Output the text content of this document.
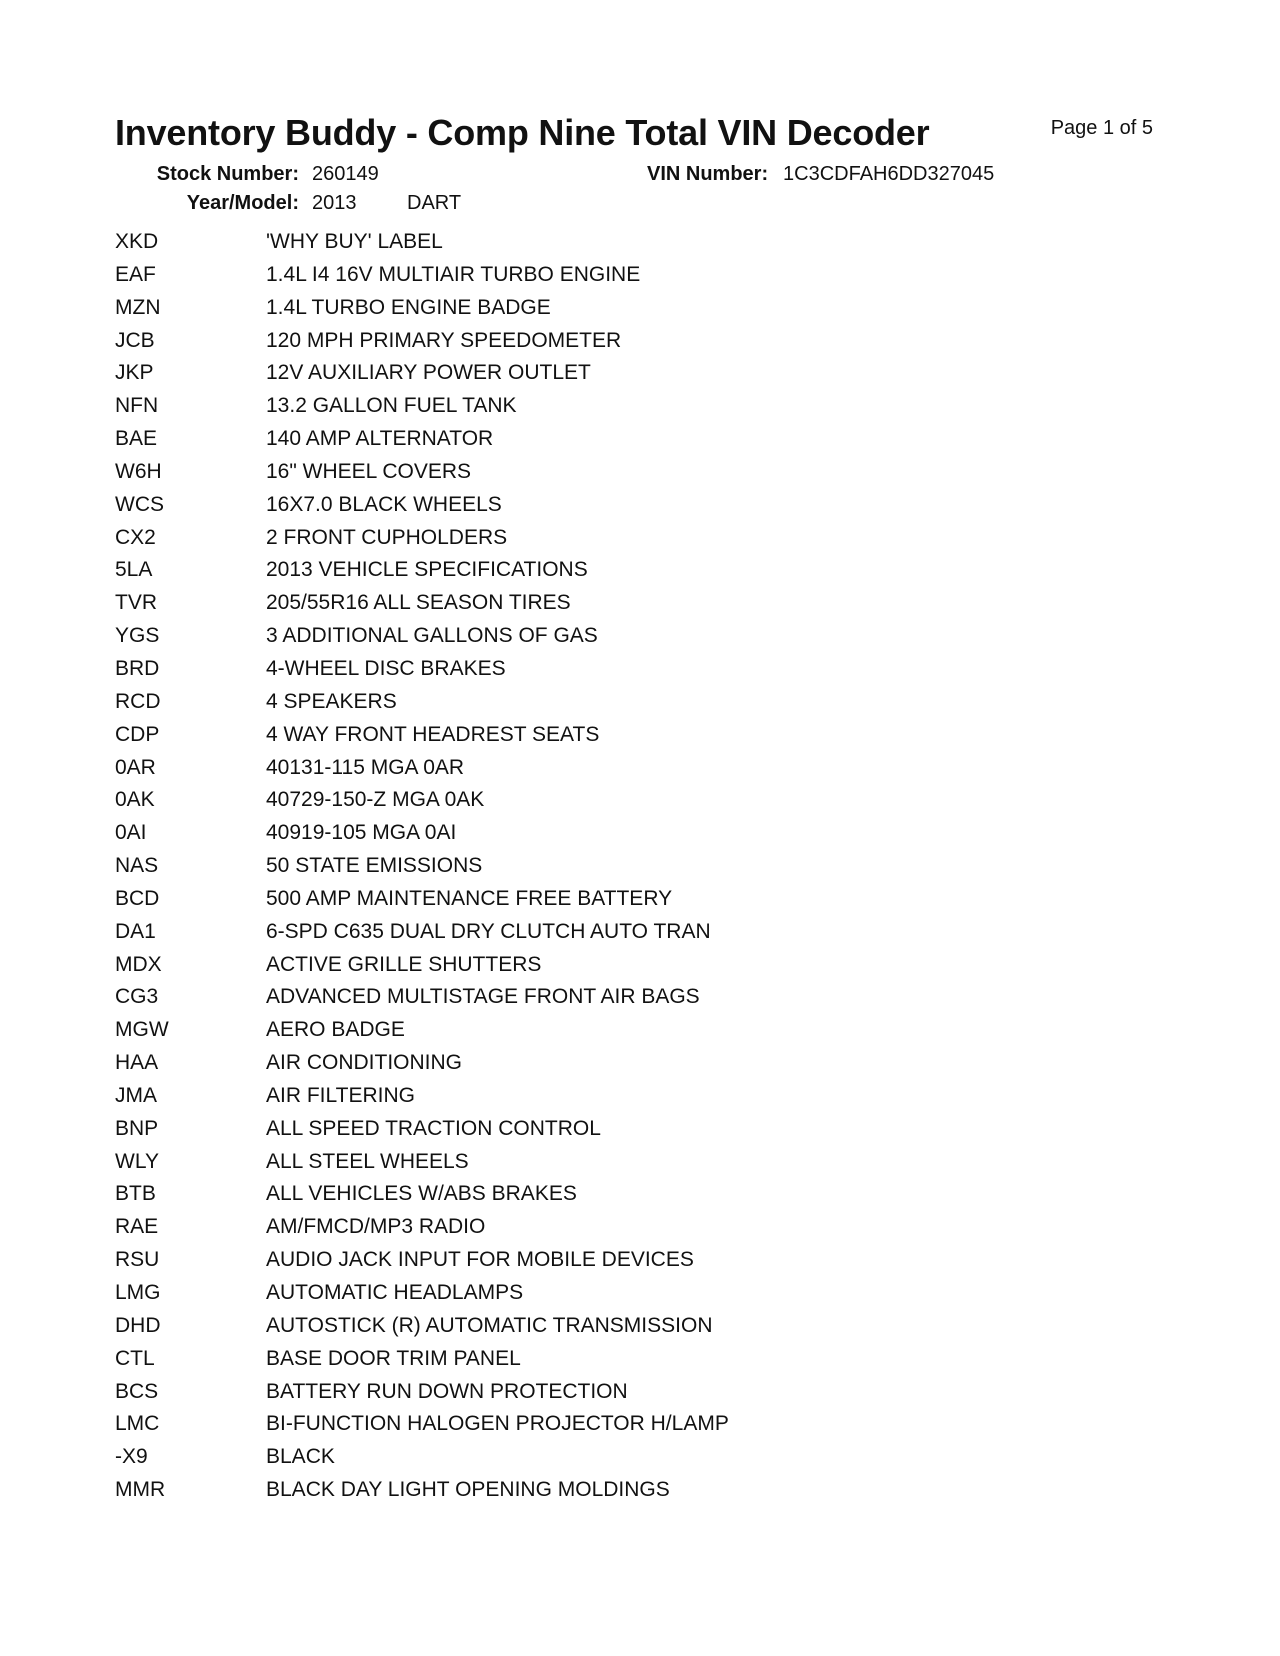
Inventory Buddy - Comp Nine Total VIN Decoder	Page 1 of 5
Stock Number: 260149	VIN Number: 1C3CDFAH6DD327045
Year/Model: 2013	DART
XKD	'WHY BUY' LABEL
EAF	1.4L I4 16V MULTIAIR TURBO ENGINE
MZN	1.4L TURBO ENGINE BADGE
JCB	120 MPH PRIMARY SPEEDOMETER
JKP	12V AUXILIARY POWER OUTLET
NFN	13.2 GALLON FUEL TANK
BAE	140 AMP ALTERNATOR
W6H	16" WHEEL COVERS
WCS	16X7.0 BLACK WHEELS
CX2	2 FRONT CUPHOLDERS
5LA	2013 VEHICLE SPECIFICATIONS
TVR	205/55R16 ALL SEASON TIRES
YGS	3 ADDITIONAL GALLONS OF GAS
BRD	4-WHEEL DISC BRAKES
RCD	4 SPEAKERS
CDP	4 WAY FRONT HEADREST SEATS
0AR	40131-115 MGA 0AR
0AK	40729-150-Z MGA 0AK
0AI	40919-105 MGA 0AI
NAS	50 STATE EMISSIONS
BCD	500 AMP MAINTENANCE FREE BATTERY
DA1	6-SPD C635 DUAL DRY CLUTCH AUTO TRAN
MDX	ACTIVE GRILLE SHUTTERS
CG3	ADVANCED MULTISTAGE FRONT AIR BAGS
MGW	AERO BADGE
HAA	AIR CONDITIONING
JMA	AIR FILTERING
BNP	ALL SPEED TRACTION CONTROL
WLY	ALL STEEL WHEELS
BTB	ALL VEHICLES W/ABS BRAKES
RAE	AM/FMCD/MP3 RADIO
RSU	AUDIO JACK INPUT FOR MOBILE DEVICES
LMG	AUTOMATIC HEADLAMPS
DHD	AUTOSTICK (R) AUTOMATIC TRANSMISSION
CTL	BASE DOOR TRIM PANEL
BCS	BATTERY RUN DOWN PROTECTION
LMC	BI-FUNCTION HALOGEN PROJECTOR H/LAMP
-X9	BLACK
MMR	BLACK DAY LIGHT OPENING MOLDINGS
